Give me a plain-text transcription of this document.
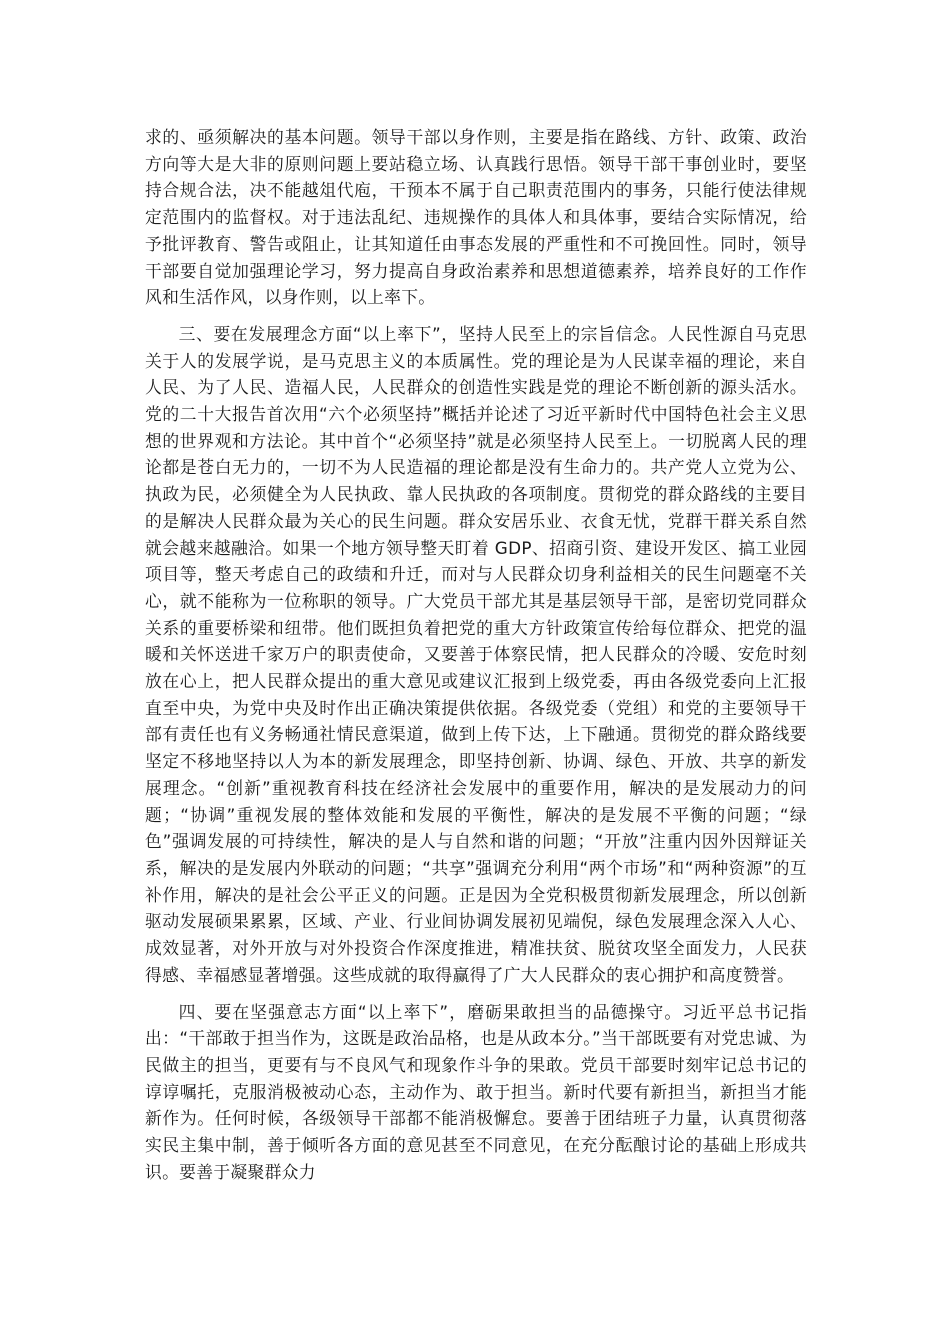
求的、亟须解决的基本问题。领导干部以身作则，主要是指在路线、方针、政策、政治方向等大是大非的原则问题上要站稳立场、认真践行思悟。领导干部干事创业时，要坚持合规合法，决不能越俎代庖，干预本不属于自己职责范围内的事务，只能行使法律规定范围内的监督权。对于违法乱纪、违规操作的具体人和具体事，要结合实际情况，给予批评教育、警告或阻止，让其知道任由事态发展的严重性和不可挽回性。同时，领导干部要自觉加强理论学习，努力提高自身政治素养和思想道德素养，培养良好的工作作风和生活作风，以身作则，以上率下。

三、要在发展理念方面“以上率下”，坚持人民至上的宗旨信念。人民性源自马克思关于人的发展学说，是马克思主义的本质属性。党的理论是为人民谋幸福的理论，来自人民、为了人民、造福人民，人民群众的创造性实践是党的理论不断创新的源头活水。党的二十大报告首次用“六个必须坚持”概括并论述了习近平新时代中国特色社会主义思想的世界观和方法论。其中首个“必须坚持”就是必须坚持人民至上。一切脱离人民的理论都是苍白无力的，一切不为人民造福的理论都是没有生命力的。共产党人立党为公、执政为民，必须健全为人民执政、靠人民执政的各项制度。贯彻党的群众路线的主要目的是解决人民群众最为关心的民生问题。群众安居乐业、衣食无忧，党群干群关系自然就会越来越融洽。如果一个地方领导整天盯着 GDP、招商引资、建设开发区、搞工业园项目等，整天考虑自己的政绩和升迁，而对与人民群众切身利益相关的民生问题毫不关心，就不能称为一位称职的领导。广大党员干部尤其是基层领导干部，是密切党同群众关系的重要桥梁和纽带。他们既担负着把党的重大方针政策宣传给每位群众、把党的温暖和关怀送进千家万户的职责使命，又要善于体察民情，把人民群众的冷暖、安危时刻放在心上，把人民群众提出的重大意见或建议汇报到上级党委，再由各级党委向上汇报直至中央，为党中央及时作出正确决策提供依据。各级党委（党组）和党的主要领导干部有责任也有义务畅通社情民意渠道，做到上传下达，上下融通。贯彻党的群众路线要坚定不移地坚持以人为本的新发展理念，即坚持创新、协调、绿色、开放、共享的新发展理念。“创新”重视教育科技在经济社会发展中的重要作用，解决的是发展动力的问题；“协调”重视发展的整体效能和发展的平衡性，解决的是发展不平衡的问题；“绿色”强调发展的可持续性，解决的是人与自然和谐的问题；“开放”注重内因外因辩证关系，解决的是发展内外联动的问题；“共享”强调充分利用“两个市场”和“两种资源”的互补作用，解决的是社会公平正义的问题。正是因为全党积极贯彻新发展理念，所以创新驱动发展硕果累累，区域、产业、行业间协调发展初见端倪，绿色发展理念深入人心、成效显著，对外开放与对外投资合作深度推进，精准扶贫、脱贫攻坚全面发力，人民获得感、幸福感显著增强。这些成就的取得赢得了广大人民群众的衷心拥护和高度赞誉。

四、要在坚强意志方面“以上率下”，磨砺果敢担当的品德操守。习近平总书记指出：“干部敢于担当作为，这既是政治品格，也是从政本分。”当干部既要有对党忠诚、为民做主的担当，更要有与不良风气和现象作斗争的果敢。党员干部要时刻牢记总书记的谆谆嘱托，克服消极被动心态，主动作为、敢于担当。新时代要有新担当，新担当才能新作为。任何时候，各级领导干部都不能消极懈怠。要善于团结班子力量，认真贯彻落实民主集中制，善于倾听各方面的意见甚至不同意见，在充分酝酿讨论的基础上形成共识。要善于凝聚群众力
